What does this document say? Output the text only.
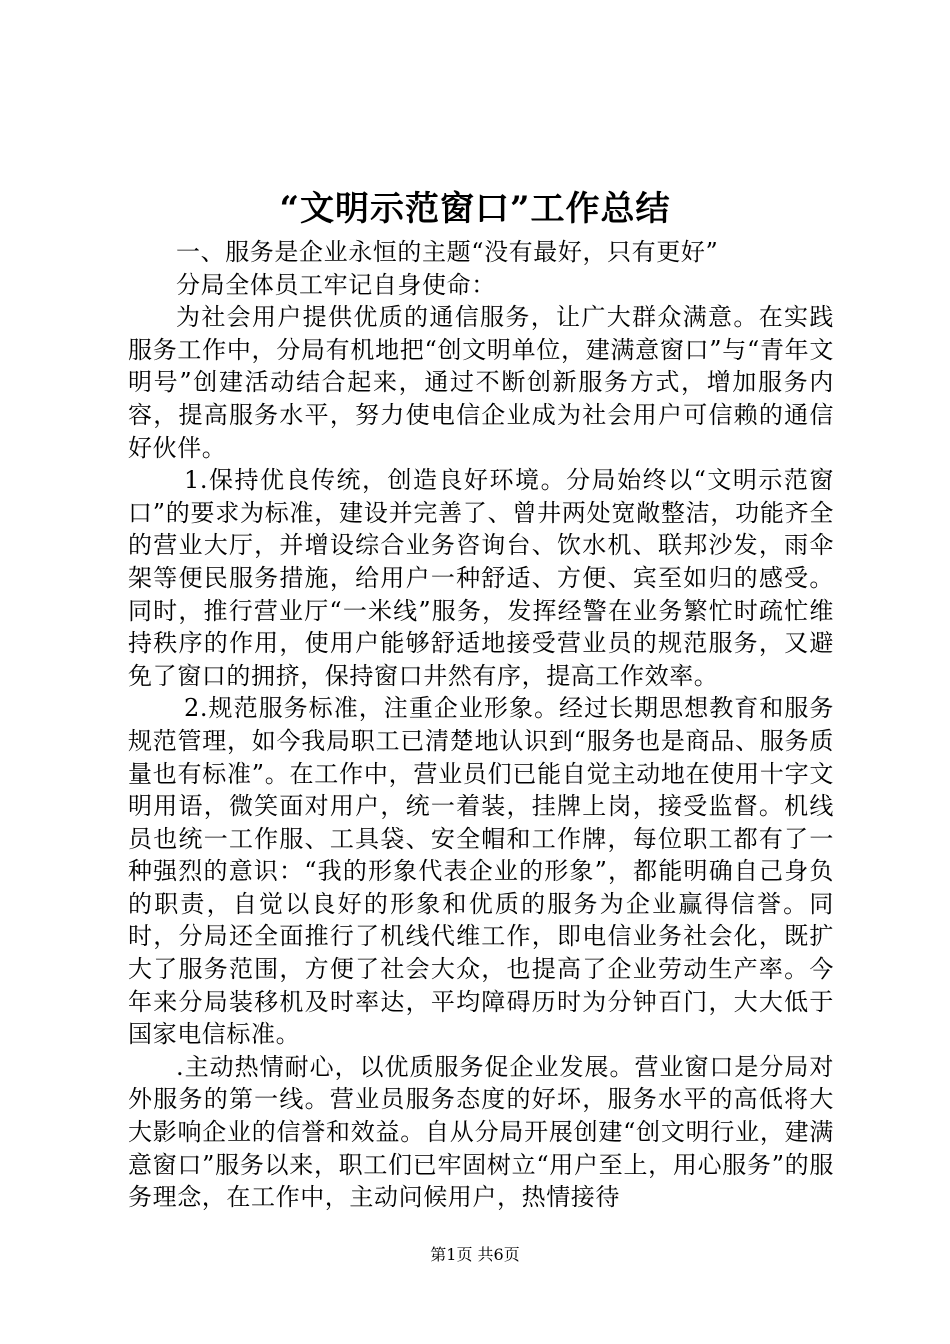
“文明示范窗口”工作总结

一、服务是企业永恒的主题“没有最好，只有更好”

分局全体员工牢记自身使命：

为社会用户提供优质的通信服务，让广大群众满意。在实践服务工作中，分局有机地把“创文明单位，建满意窗口”与“青年文明号”创建活动结合起来，通过不断创新服务方式，增加服务内容，提高服务水平，努力使电信企业成为社会用户可信赖的通信好伙伴。

1.保持优良传统，创造良好环境。分局始终以“文明示范窗口”的要求为标准，建设并完善了、曾井两处宽敞整洁，功能齐全的营业大厅，并增设综合业务咨询台、饮水机、联邦沙发，雨伞架等便民服务措施，给用户一种舒适、方便、宾至如归的感受。同时，推行营业厅“一米线”服务，发挥经警在业务繁忙时疏忙维持秩序的作用，使用户能够舒适地接受营业员的规范服务，又避免了窗口的拥挤，保持窗口井然有序，提高工作效率。

2.规范服务标准，注重企业形象。经过长期思想教育和服务规范管理，如今我局职工已清楚地认识到“服务也是商品、服务质量也有标准”。在工作中，营业员们已能自觉主动地在使用十字文明用语，微笑面对用户，统一着装，挂牌上岗，接受监督。机线员也统一工作服、工具袋、安全帽和工作牌，每位职工都有了一种强烈的意识：“我的形象代表企业的形象”，都能明确自己身负的职责，自觉以良好的形象和优质的服务为企业赢得信誉。同时，分局还全面推行了机线代维工作，即电信业务社会化，既扩大了服务范围，方便了社会大众，也提高了企业劳动生产率。今年来分局装移机及时率达，平均障碍历时为分钟百门，大大低于国家电信标准。

.主动热情耐心，以优质服务促企业发展。营业窗口是分局对外服务的第一线。营业员服务态度的好坏，服务水平的高低将大大影响企业的信誉和效益。自从分局开展创建“创文明行业，建满意窗口”服务以来，职工们已牢固树立“用户至上，用心服务”的服务理念，在工作中，主动问候用户，热情接待

第1页 共6页
